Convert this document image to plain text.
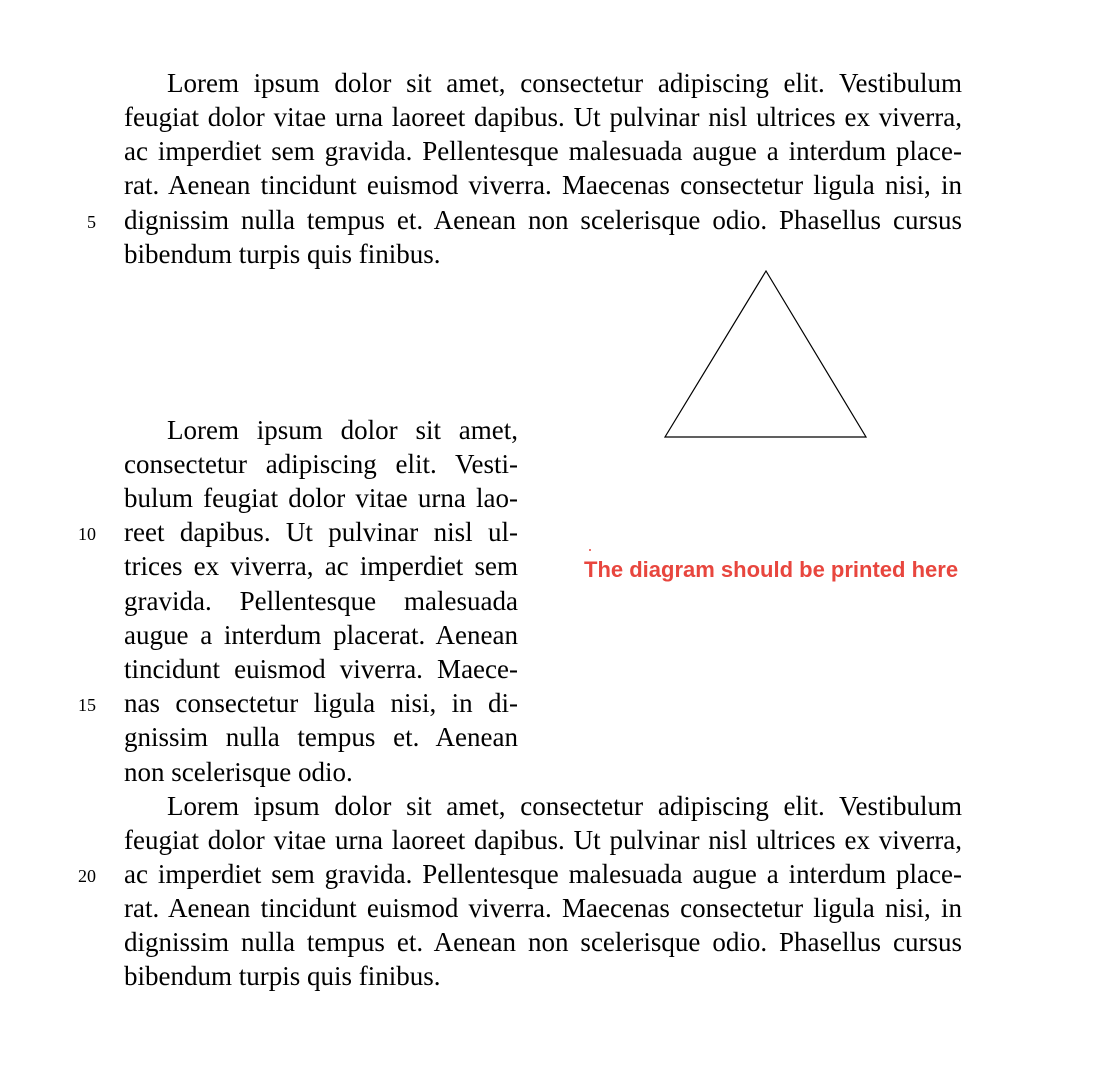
Lorem ipsum dolor sit amet, consectetur adipiscing elit. Vestibulum
feugiat dolor vitae urna laoreet dapibus. Ut pulvinar nisl ultrices ex viverra,
ac imperdiet sem gravida. Pellentesque malesuada augue a interdum place-
rat. Aenean tincidunt euismod viverra. Maecenas consectetur ligula nisi, in
dignissim nulla tempus et. Aenean non scelerisque odio. Phasellus cursus
bibendum turpis quis finibus.
Lorem ipsum dolor sit amet,
consectetur adipiscing elit. Vesti-
bulum feugiat dolor vitae urna lao-
reet dapibus. Ut pulvinar nisl ul-
trices ex viverra, ac imperdiet sem
gravida. Pellentesque malesuada
augue a interdum placerat. Aenean
tincidunt euismod viverra. Maece-
nas consectetur ligula nisi, in di-
gnissim nulla tempus et. Aenean
non scelerisque odio.
Lorem ipsum dolor sit amet, consectetur adipiscing elit. Vestibulum
feugiat dolor vitae urna laoreet dapibus. Ut pulvinar nisl ultrices ex viverra,
ac imperdiet sem gravida. Pellentesque malesuada augue a interdum place-
rat. Aenean tincidunt euismod viverra. Maecenas consectetur ligula nisi, in
dignissim nulla tempus et. Aenean non scelerisque odio. Phasellus cursus
bibendum turpis quis finibus.
5
10
15
20
The diagram should be printed here
